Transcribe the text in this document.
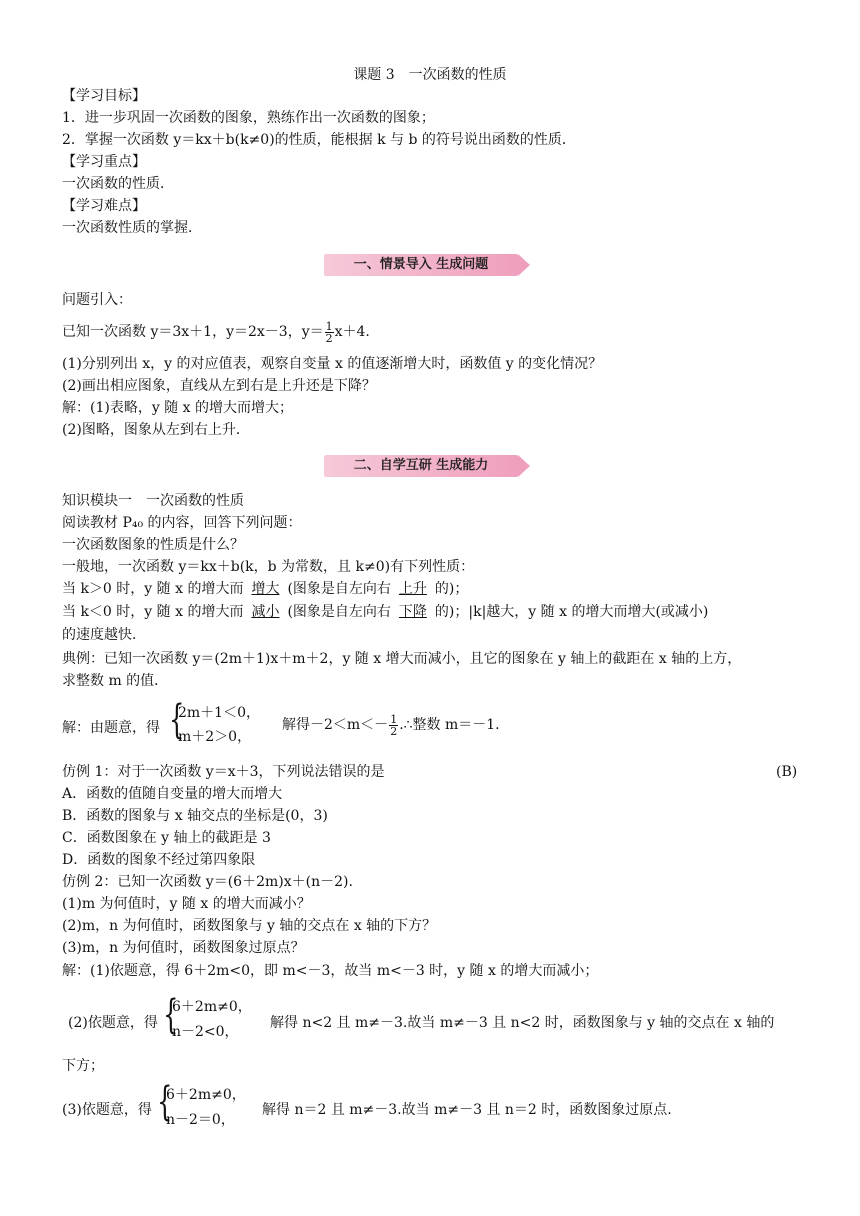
课题 3　一次函数的性质
【学习目标】
1．进一步巩固一次函数的图象，熟练作出一次函数的图象；
2．掌握一次函数 y＝kx＋b(k≠0)的性质，能根据 k 与 b 的符号说出函数的性质．
【学习重点】
一次函数的性质．
【学习难点】
一次函数性质的掌握．
一、情景导入 生成问题
问题引入：
已知一次函数 y＝3x＋1，y＝2x－3，$y= \frac{1}{2} x+4$.
(1)分别列出 x，y 的对应值表，观察自变量 x 的值逐渐增大时，函数值 y 的变化情况？
(2)画出相应图象，直线从左到右是上升还是下降？
解：(1)表略，y 随 x 的增大而增大；
(2)图略，图象从左到右上升．
二、自学互研 生成能力
知识模块一　一次函数的性质
阅读教材 P₄₀ 的内容，回答下列问题：
一次函数图象的性质是什么？
一般地，一次函数 y＝kx＋b(k，b 为常数，且 k≠0)有下列性质：
当 k＞0 时，y 随 x 的增大而 增大 (图象是自左向右 上升 的)；
当 k＜0 时，y 随 x 的增大而 减小 (图象是自左向右 下降 的)；|k|越大，y 随 x 的增大而增大(或减小)
的速度越快．
典例：已知一次函数 y＝(2m＋1)x＋m＋2，y 随 x 增大而减小，且它的图象在 y 轴上的截距在 x 轴的上方，
求整数 m 的值．
解：由题意，得 {
2m＋1＜0，
m＋2＞0，
解得$-2<m<- \frac{1}{2}$ .∴整数 m＝－1.
仿例 1：对于一次函数 y＝x＋3，下列说法错误的是	(B)
A．函数的值随自变量的增大而增大
B．函数的图象与 x 轴交点的坐标是(0，3)
C．函数图象在 y 轴上的截距是 3
D．函数的图象不经过第四象限
仿例 2：已知一次函数 y＝(6＋2m)x＋(n－2).
(1)m 为何值时，y 随 x 的增大而减小？
(2)m，n 为何值时，函数图象与 y 轴的交点在 x 轴的下方？
(3)m，n 为何值时，函数图象过原点？
解：(1)依题意，得 6＋2m<0，即 m<－3，故当 m<－3 时，y 随 x 的增大而减小；
(2)依题意，得 {
6＋2m≠0，
n－2<0，
解得 n<2 且 m≠－3.故当 m≠－3 且 n<2 时，函数图象与 y 轴的交点在 x 轴的
下方；
(3)依题意，得 {
6＋2m≠0，
n－2＝0，
解得 n＝2 且 m≠－3.故当 m≠－3 且 n＝2 时，函数图象过原点.
